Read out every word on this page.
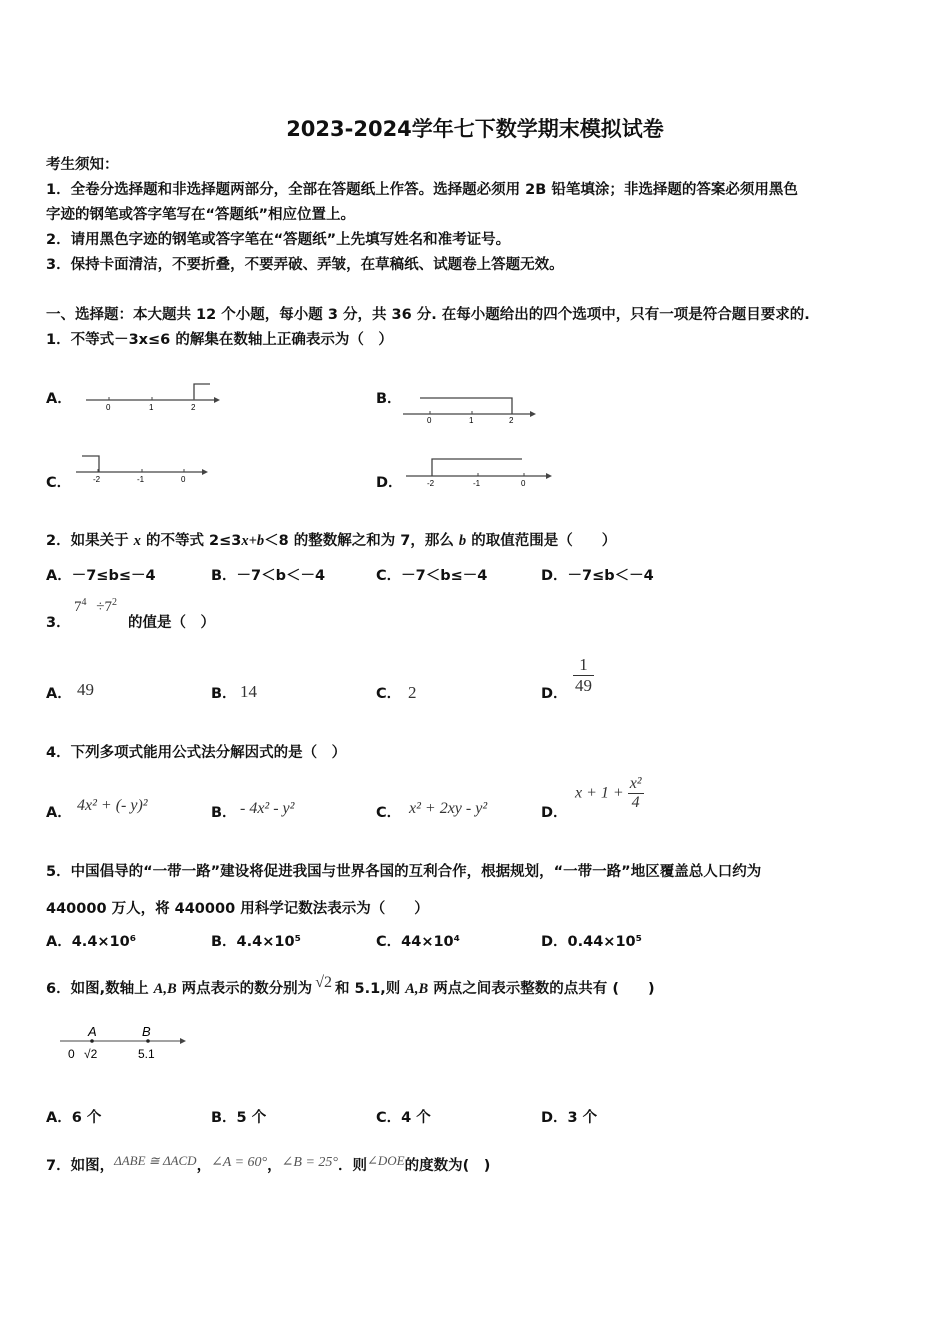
2023-2024学年七下数学期末模拟试卷
考生须知：
1．全卷分选择题和非选择题两部分，全部在答题纸上作答。选择题必须用 2B 铅笔填涂；非选择题的答案必须用黑色
字迹的钢笔或答字笔写在“答题纸”相应位置上。
2．请用黑色字迹的钢笔或答字笔在“答题纸”上先填写姓名和准考证号。
3．保持卡面清洁，不要折叠，不要弄破、弄皱，在草稿纸、试题卷上答题无效。
一、选择题：本大题共 12 个小题，每小题 3 分，共 36 分. 在每小题给出的四个选项中，只有一项是符合题目要求的.
1．不等式－3x≤6 的解集在数轴上正确表示为（　）
A．
0	1	2
B．
0	1	2
C．	-2	-1	0	D．	-2	-1	0
2．如果关于 x 的不等式 2≤3x+b＜8 的整数解之和为 7，那么 b 的取值范围是（　　）
A．－7≤b≤－4	B．－7＜b＜－4	C．－7＜b≤－4	D．－7≤b＜－4
3．
$7^4 \div 7^2$
的值是（　）
A． 49	B． 14	C． 2	D． $\frac{1}{49}$
4．下列多项式能用公式法分解因式的是（　）
A． 4x² + (- y)²	B． - 4x² - y²	C． x² + 2xy - y²	D．
$x + 1 + \frac{\text{x²}}{4}$
5．中国倡导的“一带一路”建设将促进我国与世界各国的互利合作，根据规划，“一带一路”地区覆盖总人口约为
440000 万人，将 440000 用科学记数法表示为（　　）
A．4.4×10⁶	B．4.4×10⁵	C．44×10⁴	D．0.44×10⁵
6．如图,数轴上 A,B 两点表示的数分别为 √2 和 5.1,则 A,B 两点之间表示整数的点共有 (　　)
A	B
0 √2	5.1
A．6 个	B．5 个	C．4 个	D．3 个
7．如图，ΔABE ≅ ΔACD，∠A = 60°，∠B = 25°．则∠DOE的度数为(　)
